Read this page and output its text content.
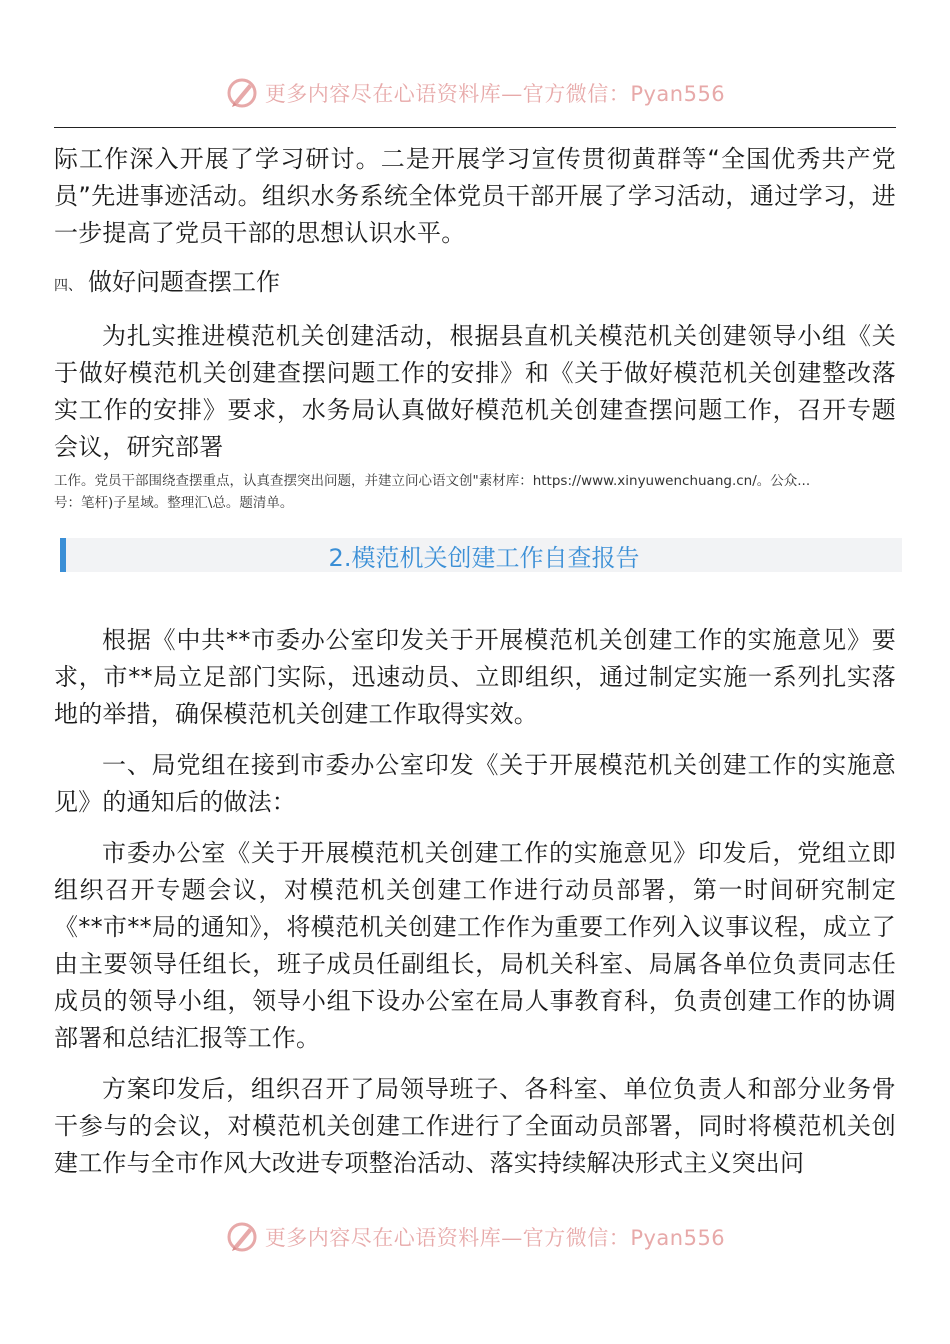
更多内容尽在心语资料库—官方微信：Pyan556

际工作深入开展了学习研讨。二是开展学习宣传贯彻黄群等“全国优秀共产党员”先进事迹活动。组织水务系统全体党员干部开展了学习活动，通过学习，进一步提高了党员干部的思想认识水平。

四、 做好问题查摆工作

为扎实推进模范机关创建活动，根据县直机关模范机关创建领导小组《关于做好模范机关创建查摆问题工作的安排》和《关于做好模范机关创建整改落实工作的安排》要求，水务局认真做好模范机关创建查摆问题工作，召开专题会议，研究部署

工作。党员干部围绕查摆重点，认真查摆突出问题，并建立问心语文创"素材库：https://www.xinyuwenchuang.cn/。公众...

号：笔杆)子星域。整理汇\总。题清单。

2.模范机关创建工作自查报告

根据《中共**市委办公室印发关于开展模范机关创建工作的实施意见》要求，市**局立足部门实际，迅速动员、立即组织，通过制定实施一系列扎实落地的举措，确保模范机关创建工作取得实效。

一、局党组在接到市委办公室印发《关于开展模范机关创建工作的实施意见》的通知后的做法：

市委办公室《关于开展模范机关创建工作的实施意见》印发后，党组立即组织召开专题会议，对模范机关创建工作进行动员部署，第一时间研究制定《**市**局的通知》，将模范机关创建工作作为重要工作列入议事议程，成立了由主要领导任组长，班子成员任副组长，局机关科室、局属各单位负责同志任成员的领导小组，领导小组下设办公室在局人事教育科，负责创建工作的协调部署和总结汇报等工作。

方案印发后，组织召开了局领导班子、各科室、单位负责人和部分业务骨干参与的会议，对模范机关创建工作进行了全面动员部署，同时将模范机关创建工作与全市作风大改进专项整治活动、落实持续解决形式主义突出问

更多内容尽在心语资料库—官方微信：Pyan556
